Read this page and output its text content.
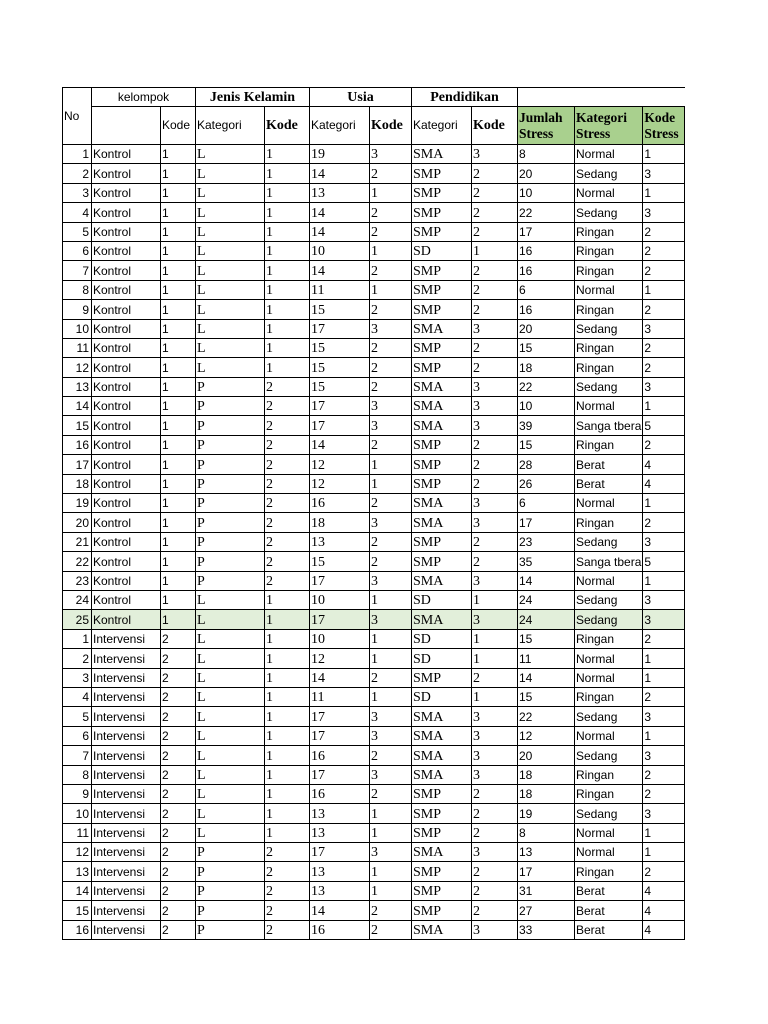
No	kelompok		Jenis Kelamin		Usia		Pendidikan				
		Kode	Kategori	Kode	Kategori	Kode	Kategori	Kode	Jumlah Stress	Kategori Stress	Kode Stress
1	Kontrol	1	L	1	19	3	SMA	3	8	Normal	1
2	Kontrol	1	L	1	14	2	SMP	2	20	Sedang	3
3	Kontrol	1	L	1	13	1	SMP	2	10	Normal	1
4	Kontrol	1	L	1	14	2	SMP	2	22	Sedang	3
5	Kontrol	1	L	1	14	2	SMP	2	17	Ringan	2
6	Kontrol	1	L	1	10	1	SD	1	16	Ringan	2
7	Kontrol	1	L	1	14	2	SMP	2	16	Ringan	2
8	Kontrol	1	L	1	11	1	SMP	2	6	Normal	1
9	Kontrol	1	L	1	15	2	SMP	2	16	Ringan	2
10	Kontrol	1	L	1	17	3	SMA	3	20	Sedang	3
11	Kontrol	1	L	1	15	2	SMP	2	15	Ringan	2
12	Kontrol	1	L	1	15	2	SMP	2	18	Ringan	2
13	Kontrol	1	P	2	15	2	SMA	3	22	Sedang	3
14	Kontrol	1	P	2	17	3	SMA	3	10	Normal	1
15	Kontrol	1	P	2	17	3	SMA	3	39	Sanga tbera	5
16	Kontrol	1	P	2	14	2	SMP	2	15	Ringan	2
17	Kontrol	1	P	2	12	1	SMP	2	28	Berat	4
18	Kontrol	1	P	2	12	1	SMP	2	26	Berat	4
19	Kontrol	1	P	2	16	2	SMA	3	6	Normal	1
20	Kontrol	1	P	2	18	3	SMA	3	17	Ringan	2
21	Kontrol	1	P	2	13	2	SMP	2	23	Sedang	3
22	Kontrol	1	P	2	15	2	SMP	2	35	Sanga tbera	5
23	Kontrol	1	P	2	17	3	SMA	3	14	Normal	1
24	Kontrol	1	L	1	10	1	SD	1	24	Sedang	3
25	Kontrol	1	L	1	17	3	SMA	3	24	Sedang	3
1	Intervensi	2	L	1	10	1	SD	1	15	Ringan	2
2	Intervensi	2	L	1	12	1	SD	1	11	Normal	1
3	Intervensi	2	L	1	14	2	SMP	2	14	Normal	1
4	Intervensi	2	L	1	11	1	SD	1	15	Ringan	2
5	Intervensi	2	L	1	17	3	SMA	3	22	Sedang	3
6	Intervensi	2	L	1	17	3	SMA	3	12	Normal	1
7	Intervensi	2	L	1	16	2	SMA	3	20	Sedang	3
8	Intervensi	2	L	1	17	3	SMA	3	18	Ringan	2
9	Intervensi	2	L	1	16	2	SMP	2	18	Ringan	2
10	Intervensi	2	L	1	13	1	SMP	2	19	Sedang	3
11	Intervensi	2	L	1	13	1	SMP	2	8	Normal	1
12	Intervensi	2	P	2	17	3	SMA	3	13	Normal	1
13	Intervensi	2	P	2	13	1	SMP	2	17	Ringan	2
14	Intervensi	2	P	2	13	1	SMP	2	31	Berat	4
15	Intervensi	2	P	2	14	2	SMP	2	27	Berat	4
16	Intervensi	2	P	2	16	2	SMA	3	33	Berat	4
